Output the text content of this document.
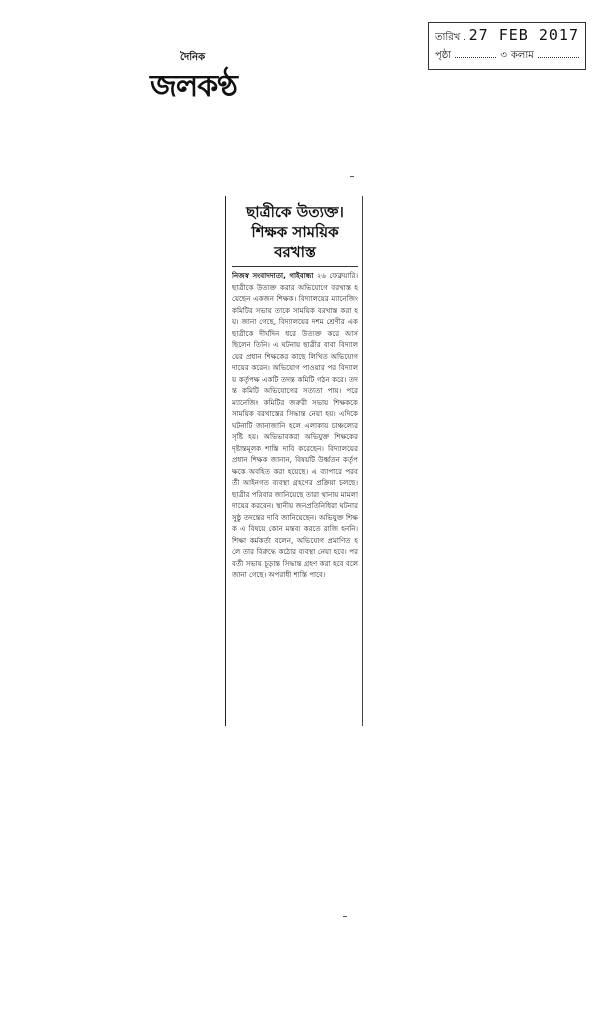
তারিখ 27 FEB 2017
পৃষ্ঠা	৩ কলাম
দৈনিক
জলকণ্ঠ
ছাত্রীকে উত্যক্ত।
শিক্ষক সাময়িক
বরখাস্ত
নিজস্ব সংবাদদাতা, গাইবান্ধা ২৬ ফেব্রুয়ারি। ছাত্রীকে উত্যক্ত করার অভিযোগে বরখাস্ত হয়েছেন একজন শিক্ষক। বিদ্যালয়ের ম্যানেজিং কমিটির সভায় তাকে সাময়িক বরখাস্ত করা হয়। জানা গেছে, বিদ্যালয়ের দশম শ্রেণীর এক ছাত্রীকে দীর্ঘদিন ধরে উত্যক্ত করে আসছিলেন তিনি। এ ঘটনায় ছাত্রীর বাবা বিদ্যালয়ের প্রধান শিক্ষকের কাছে লিখিত অভিযোগ দায়ের করেন। অভিযোগ পাওয়ার পর বিদ্যালয় কর্তৃপক্ষ একটি তদন্ত কমিটি গঠন করে। তদন্ত কমিটি অভিযোগের সত্যতা পায়। পরে ম্যানেজিং কমিটির জরুরী সভায় শিক্ষককে সাময়িক বরখাস্তের সিদ্ধান্ত নেয়া হয়। এদিকে ঘটনাটি জানাজানি হলে এলাকায় চাঞ্চল্যের সৃষ্টি হয়। অভিভাবকরা অভিযুক্ত শিক্ষকের দৃষ্টান্তমূলক শাস্তি দাবি করেছেন। বিদ্যালয়ের প্রধান শিক্ষক জানান, বিষয়টি উর্ধ্বতন কর্তৃপক্ষকে অবহিত করা হয়েছে। এ ব্যাপারে পরবর্তী আইনগত ব্যবস্থা গ্রহণের প্রক্রিয়া চলছে। ছাত্রীর পরিবার জানিয়েছে তারা থানায় মামলা দায়ের করবেন। স্থানীয় জনপ্রতিনিধিরা ঘটনার সুষ্ঠু তদন্তের দাবি জানিয়েছেন। অভিযুক্ত শিক্ষক এ বিষয়ে কোন মন্তব্য করতে রাজি হননি। শিক্ষা কর্মকর্তা বলেন, অভিযোগ প্রমাণিত হলে তার বিরুদ্ধে কঠোর ব্যবস্থা নেয়া হবে। পরবর্তী সভায় চূড়ান্ত সিদ্ধান্ত গ্রহণ করা হবে বলে জানা গেছে। অপরাধী শাস্তি পাবে।
